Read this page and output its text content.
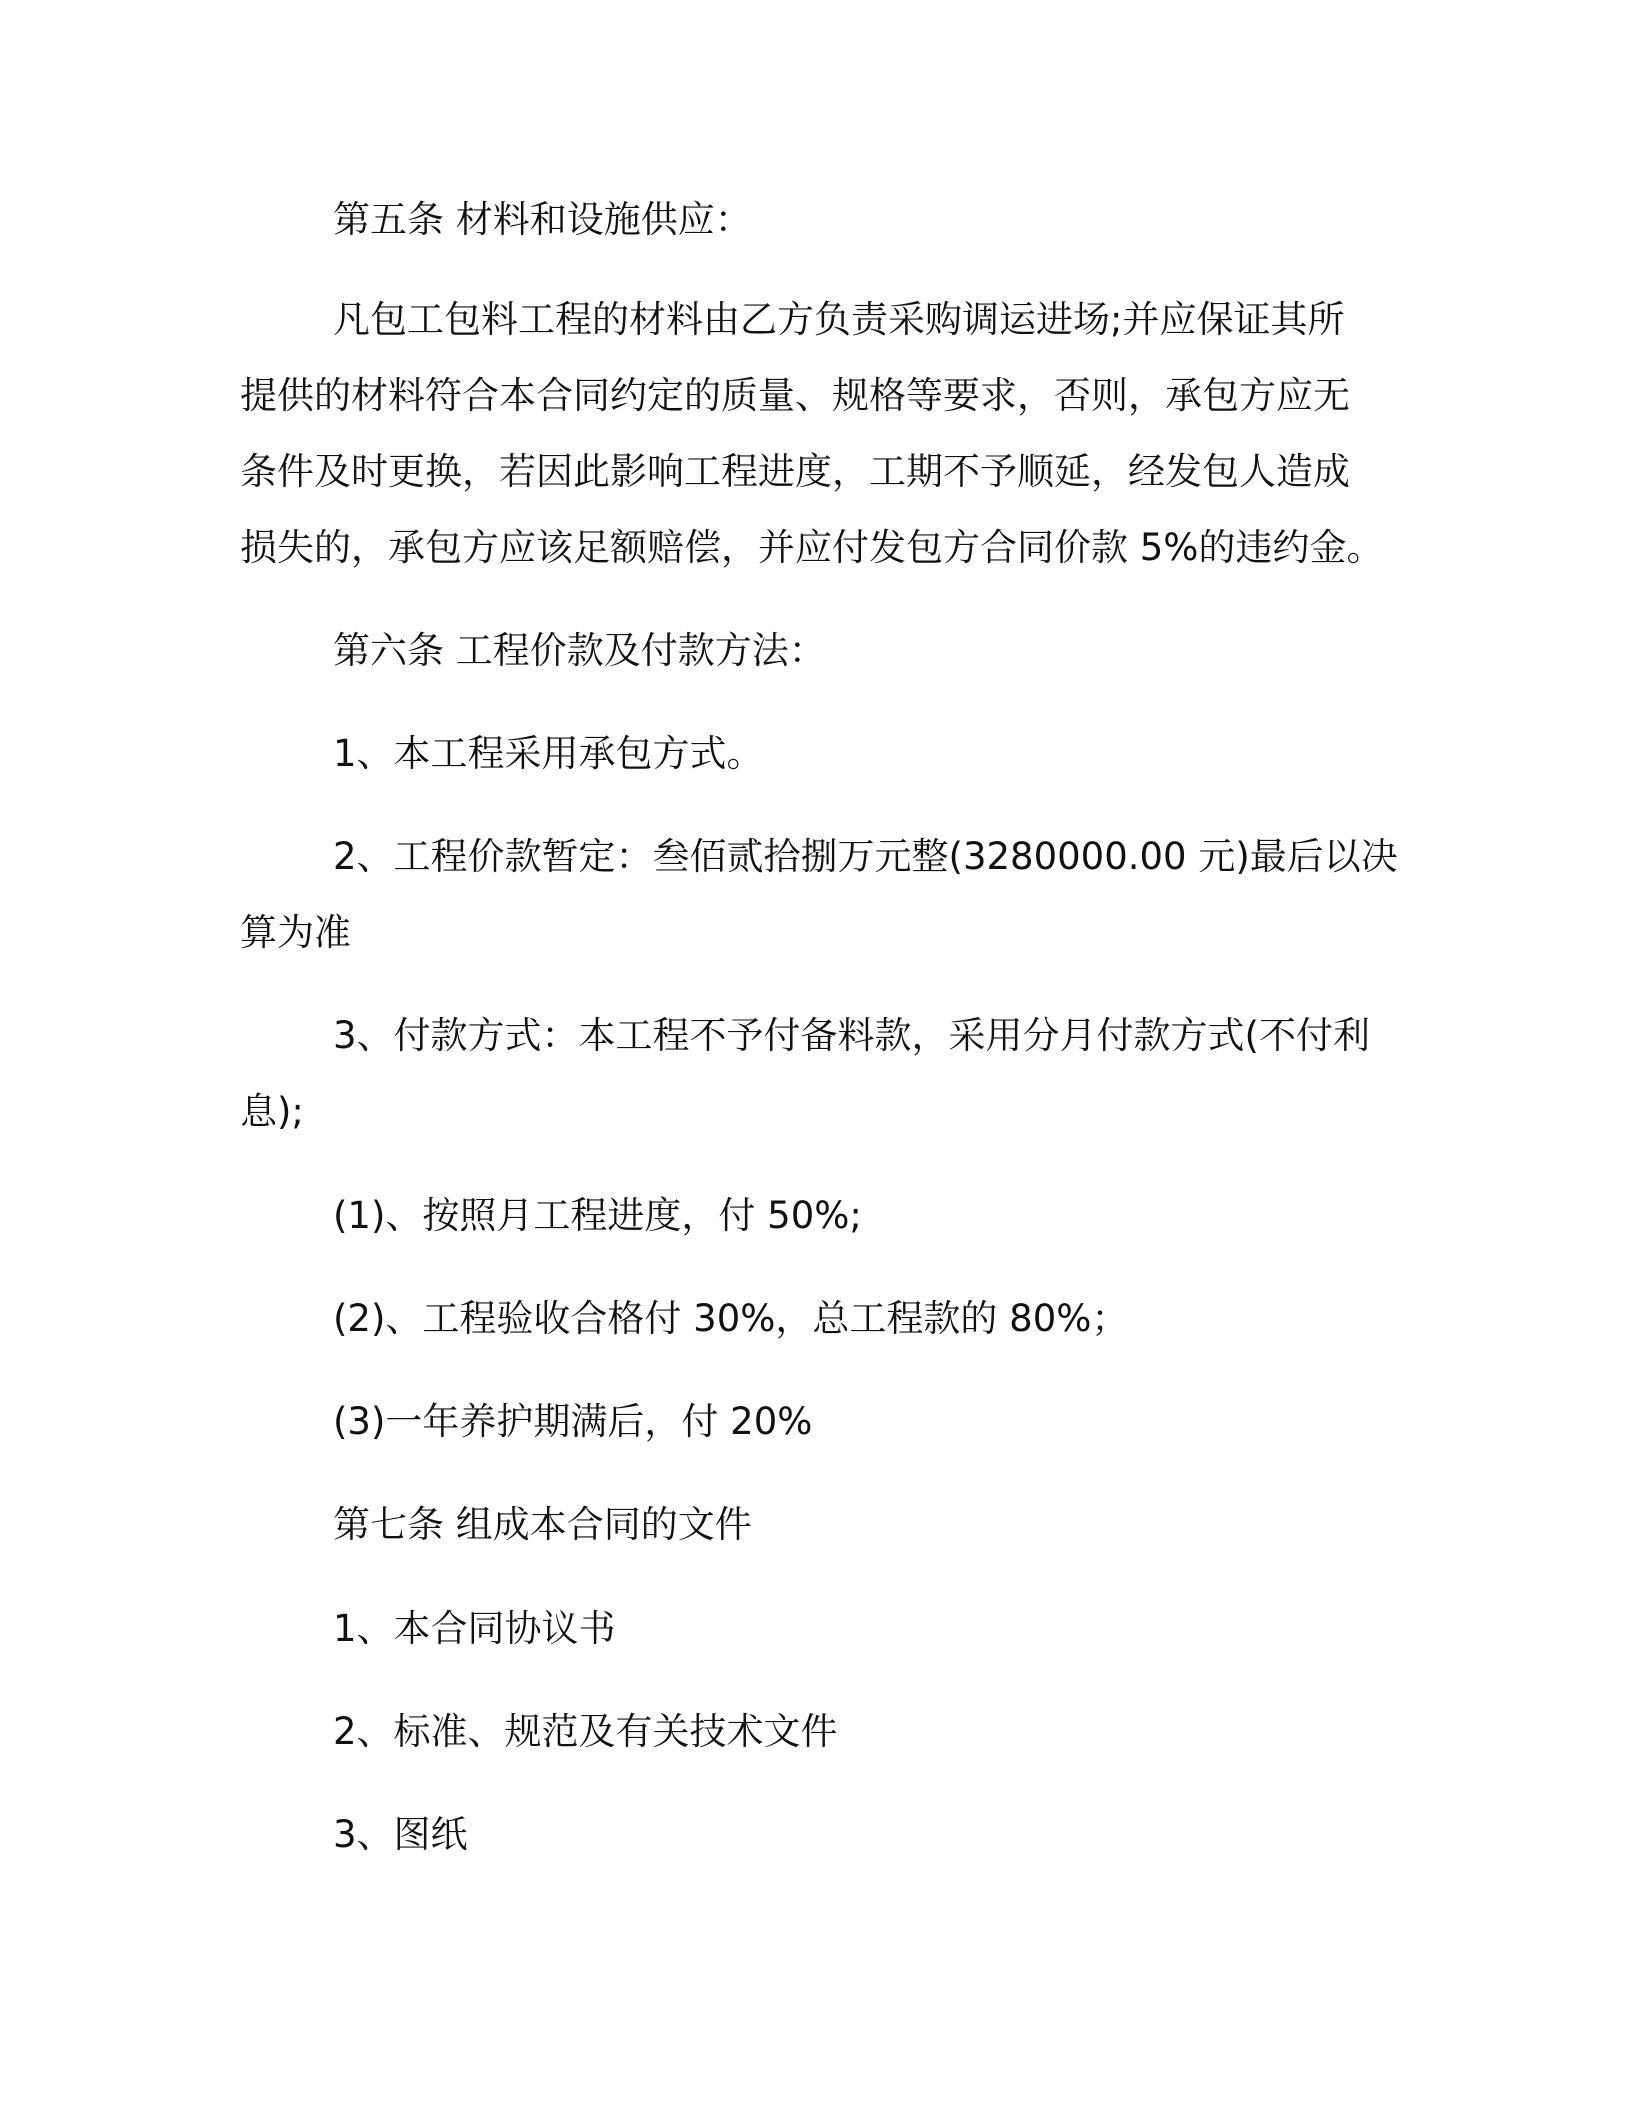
第五条 材料和设施供应：

凡包工包料工程的材料由乙方负责采购调运进场;并应保证其所

提供的材料符合本合同约定的质量、规格等要求，否则，承包方应无

条件及时更换，若因此影响工程进度，工期不予顺延，经发包人造成

损失的，承包方应该足额赔偿，并应付发包方合同价款 5%的违约金。

第六条 工程价款及付款方法：

1、本工程采用承包方式。

2、工程价款暂定：叁佰贰拾捌万元整(3280000.00 元)最后以决

算为准

3、付款方式：本工程不予付备料款，采用分月付款方式(不付利

息);

(1)、按照月工程进度，付 50%;

(2)、工程验收合格付 30%，总工程款的 80%；

(3)一年养护期满后，付 20%

第七条 组成本合同的文件

1、本合同协议书

2、标准、规范及有关技术文件

3、图纸
